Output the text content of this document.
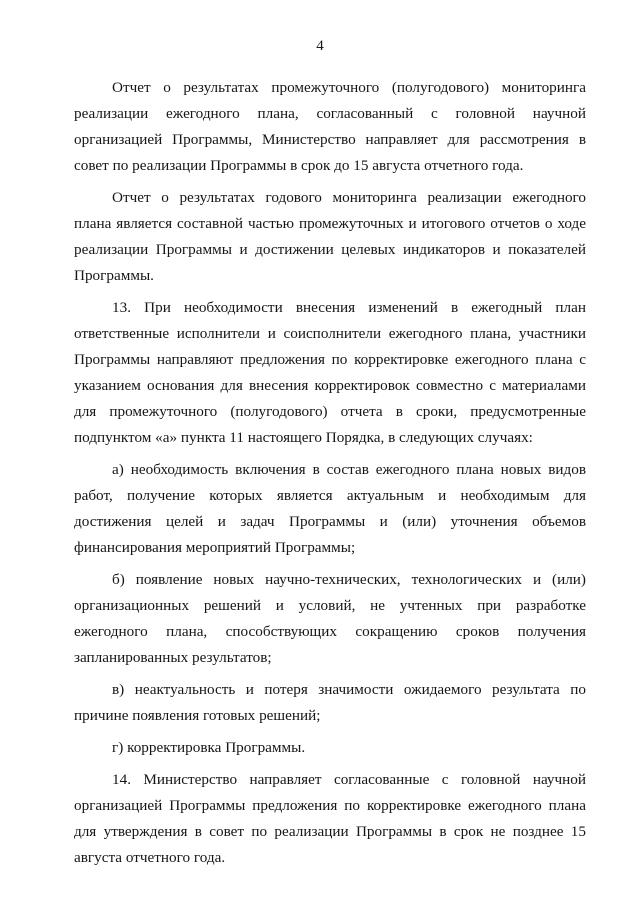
4

Отчет о результатах промежуточного (полугодового) мониторинга реализации ежегодного плана, согласованный с головной научной организацией Программы, Министерство направляет для рассмотрения в совет по реализации Программы в срок до 15 августа отчетного года.

Отчет о результатах годового мониторинга реализации ежегодного плана является составной частью промежуточных и итогового отчетов о ходе реализации Программы и достижении целевых индикаторов и показателей Программы.

13. При необходимости внесения изменений в ежегодный план ответственные исполнители и соисполнители ежегодного плана, участники Программы направляют предложения по корректировке ежегодного плана с указанием основания для внесения корректировок совместно с материалами для промежуточного (полугодового) отчета в сроки, предусмотренные подпунктом «а» пункта 11 настоящего Порядка, в следующих случаях:

а) необходимость включения в состав ежегодного плана новых видов работ, получение которых является актуальным и необходимым для достижения целей и задач Программы и (или) уточнения объемов финансирования мероприятий Программы;

б) появление новых научно-технических, технологических и (или) организационных решений и условий, не учтенных при разработке ежегодного плана, способствующих сокращению сроков получения запланированных результатов;

в) неактуальность и потеря значимости ожидаемого результата по причине появления готовых решений;

г) корректировка Программы.

14. Министерство направляет согласованные с головной научной организацией Программы предложения по корректировке ежегодного плана для утверждения в совет по реализации Программы в срок не позднее 15 августа отчетного года.
